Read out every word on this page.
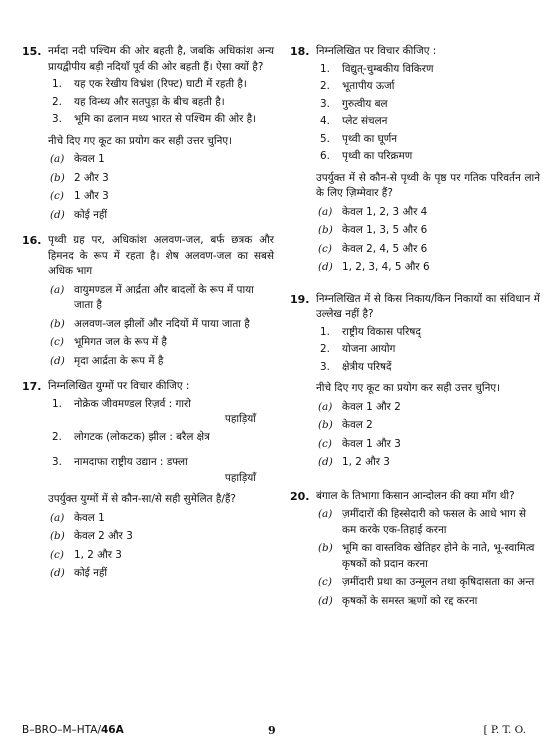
15. नर्मदा नदी पश्चिम की ओर बहती है, जबकि अधिकांश अन्य प्रायद्वीपीय बड़ी नदियाँ पूर्व की ओर बहती हैं। ऐसा क्यों है?
1.	यह एक रेखीय विभ्रंश (रिफ्ट) घाटी में रहती है।
2.	यह विन्ध्य और सतपुड़ा के बीच बहती है।
3.	भूमि का ढलान मध्य भारत से पश्चिम की ओर है।
नीचे दिए गए कूट का प्रयोग कर सही उत्तर चुनिए।
(a) केवल 1
(b) 2 और 3
(c) 1 और 3
(d) कोई नहीं
16. पृथ्वी ग्रह पर, अधिकांश अलवण-जल, बर्फ छत्रक और हिमनद के रूप में रहता है। शेष अलवण-जल का सबसे अधिक भाग
(a) वायुमण्डल में आर्द्रता और बादलों के रूप में पाया जाता है
(b) अलवण-जल झीलों और नदियों में पाया जाता है
(c) भूमिगत जल के रूप में है
(d) मृदा आर्द्रता के रूप में है
17. निम्नलिखित युग्मों पर विचार कीजिए :
1.	नोक्रेक जीवमण्डल रिज़र्व : गारो
पहाड़ियाँ
2.	लोगटक (लोकटक) झील : बरैल क्षेत्र
3.	नामदाफा राष्ट्रीय उद्यान : डफ्ला
पहाड़ियाँ
उपर्युक्त युग्मों में से कौन-सा/से सही सुमेलित है/हैं?
(a) केवल 1
(b) केवल 2 और 3
(c) 1, 2 और 3
(d) कोई नहीं
18. निम्नलिखित पर विचार कीजिए :
1.	विद्युत्-चुम्बकीय विकिरण
2.	भूतापीय ऊर्जा
3.	गुरुत्वीय बल
4.	प्लेट संचलन
5.	पृथ्वी का घूर्णन
6.	पृथ्वी का परिक्रमण
उपर्युक्त में से कौन-से पृथ्वी के पृष्ठ पर गतिक परिवर्तन लाने के लिए ज़िम्मेवार हैं?
(a) केवल 1, 2, 3 और 4
(b) केवल 1, 3, 5 और 6
(c) केवल 2, 4, 5 और 6
(d) 1, 2, 3, 4, 5 और 6
19. निम्नलिखित में से किस निकाय/किन निकायों का संविधान में उल्लेख नहीं है?
1.	राष्ट्रीय विकास परिषद्
2.	योजना आयोग
3.	क्षेत्रीय परिषदें
नीचे दिए गए कूट का प्रयोग कर सही उत्तर चुनिए।
(a) केवल 1 और 2
(b) केवल 2
(c) केवल 1 और 3
(d) 1, 2 और 3
20. बंगाल के तिभागा किसान आन्दोलन की क्या माँग थी?
(a) ज़मींदारों की हिस्सेदारी को फसल के आधे भाग से कम करके एक-तिहाई करना
(b) भूमि का वास्तविक खेतिहर होने के नाते, भू-स्वामित्व कृषकों को प्रदान करना
(c) ज़मींदारी प्रथा का उन्मूलन तथा कृषिदासता का अन्त
(d) कृषकों के समस्त ऋणों को रद्द करना
B–BRO–M–HTA/46A	9	[ P. T. O.
